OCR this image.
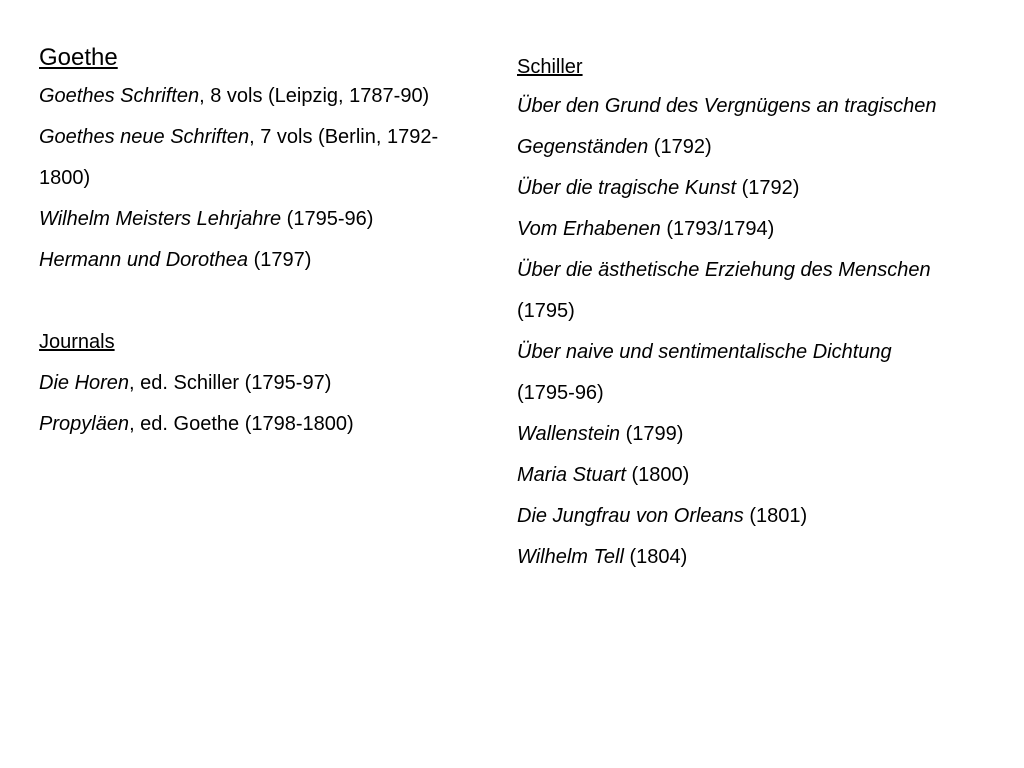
Goethe
Goethes Schriften, 8 vols (Leipzig, 1787-90)
Goethes neue Schriften, 7 vols (Berlin, 1792-
1800)
Wilhelm Meisters Lehrjahre (1795-96)
Hermann und Dorothea (1797)
Journals
Die Horen, ed. Schiller (1795-97)
Propyläen, ed. Goethe (1798-1800)
Schiller
Über den Grund des Vergnügens an tragischen
Gegenständen (1792)
Über die tragische Kunst (1792)
Vom Erhabenen (1793/1794)
Über die ästhetische Erziehung des Menschen
(1795)
Über naive und sentimentalische Dichtung
(1795-96)
Wallenstein (1799)
Maria Stuart (1800)
Die Jungfrau von Orleans (1801)
Wilhelm Tell (1804)
